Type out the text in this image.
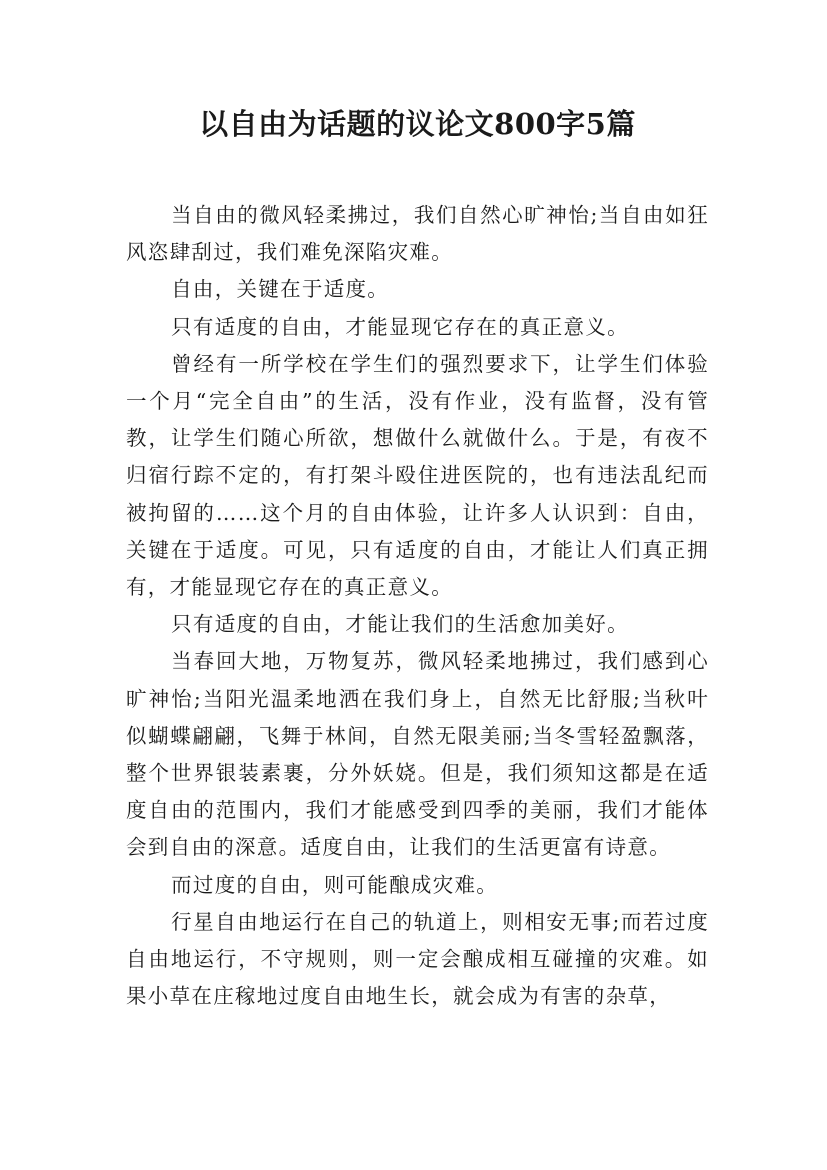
以自由为话题的议论文800字5篇

当自由的微风轻柔拂过，我们自然心旷神怡;当自由如狂风恣肆刮过，我们难免深陷灾难。

自由，关键在于适度。

只有适度的自由，才能显现它存在的真正意义。

曾经有一所学校在学生们的强烈要求下，让学生们体验一个月“完全自由”的生活，没有作业，没有监督，没有管教，让学生们随心所欲，想做什么就做什么。于是，有夜不归宿行踪不定的，有打架斗殴住进医院的，也有违法乱纪而被拘留的……这个月的自由体验，让许多人认识到：自由，关键在于适度。可见，只有适度的自由，才能让人们真正拥有，才能显现它存在的真正意义。

只有适度的自由，才能让我们的生活愈加美好。

当春回大地，万物复苏，微风轻柔地拂过，我们感到心旷神怡;当阳光温柔地洒在我们身上，自然无比舒服;当秋叶似蝴蝶翩翩，飞舞于林间，自然无限美丽;当冬雪轻盈飘落，整个世界银装素裹，分外妖娆。但是，我们须知这都是在适度自由的范围内，我们才能感受到四季的美丽，我们才能体会到自由的深意。适度自由，让我们的生活更富有诗意。

而过度的自由，则可能酿成灾难。

行星自由地运行在自己的轨道上，则相安无事;而若过度自由地运行，不守规则，则一定会酿成相互碰撞的灾难。如果小草在庄稼地过度自由地生长，就会成为有害的杂草，
